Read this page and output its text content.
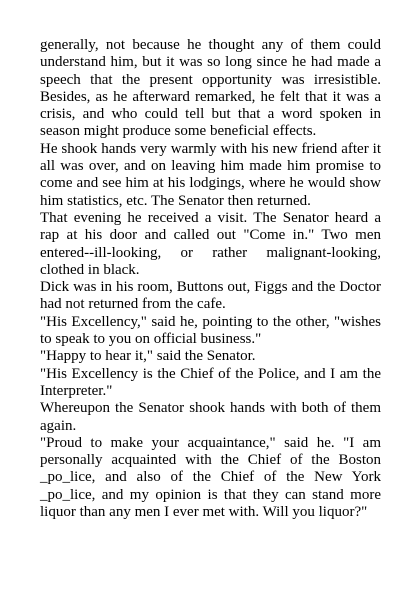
generally, not because he thought any of them could understand him, but it was so long since he had made a speech that the present opportunity was irresistible. Besides, as he afterward remarked, he felt that it was a crisis, and who could tell but that a word spoken in season might produce some beneficial effects.

He shook hands very warmly with his new friend after it all was over, and on leaving him made him promise to come and see him at his lodgings, where he would show him statistics, etc. The Senator then returned.

That evening he received a visit. The Senator heard a rap at his door and called out "Come in." Two men entered--ill-looking, or rather malignant-looking, clothed in black.

Dick was in his room, Buttons out, Figgs and the Doctor had not returned from the cafe.

"His Excellency," said he, pointing to the other, "wishes to speak to you on official business."

"Happy to hear it," said the Senator.

"His Excellency is the Chief of the Police, and I am the Interpreter."

Whereupon the Senator shook hands with both of them again.

"Proud to make your acquaintance," said he. "I am personally acquainted with the Chief of the Boston _po_lice, and also of the Chief of the New York _po_lice, and my opinion is that they can stand more liquor than any men I ever met with. Will you liquor?"
